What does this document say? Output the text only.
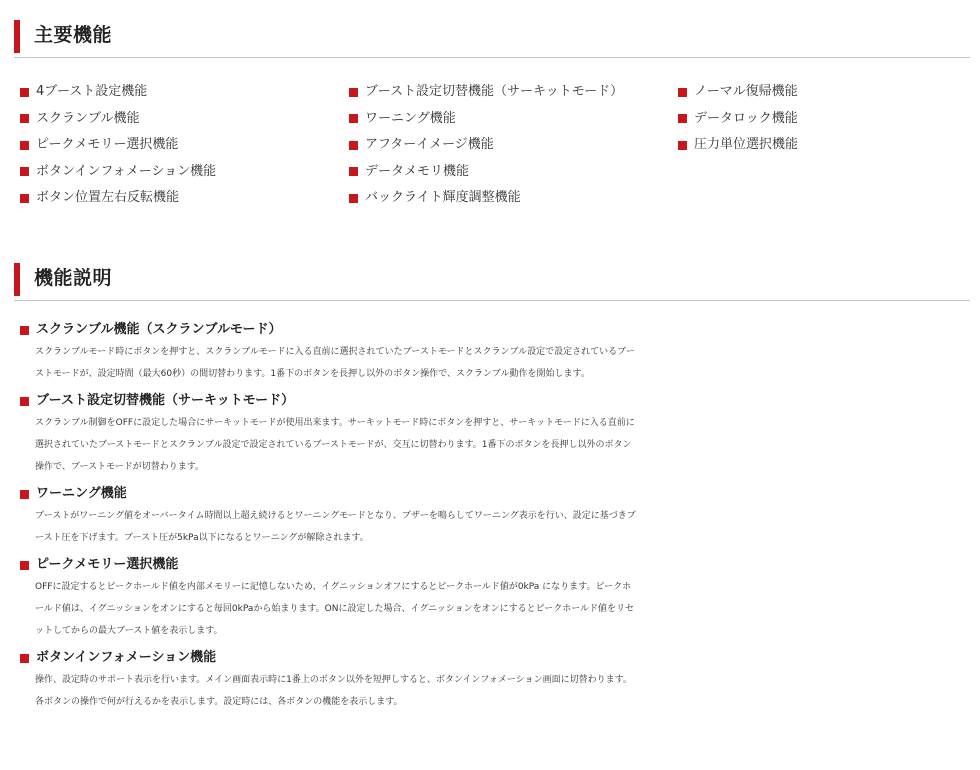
主要機能
4ブースト設定機能
スクランブル機能
ピークメモリー選択機能
ボタンインフォメーション機能
ボタン位置左右反転機能
ブースト設定切替機能（サーキットモード）
ワーニング機能
アフターイメージ機能
データメモリ機能
バックライト輝度調整機能
ノーマル復帰機能
データロック機能
圧力単位選択機能
機能説明
スクランブル機能（スクランブルモード）
スクランブルモード時にボタンを押すと、スクランブルモードに入る直前に選択されていたブーストモードとスクランブル設定で設定されているブー
ストモードが、設定時間（最大60秒）の間切替わります。1番下のボタンを長押し以外のボタン操作で、スクランブル動作を開始します。
ブースト設定切替機能（サーキットモード）
スクランブル制御をOFFに設定した場合にサーキットモードが使用出来ます。サーキットモード時にボタンを押すと、サーキットモードに入る直前に
選択されていたブーストモードとスクランブル設定で設定されているブーストモードが、交互に切替わります。1番下のボタンを長押し以外のボタン
操作で、ブーストモードが切替わります。
ワーニング機能
ブーストがワーニング値をオーバータイム時間以上超え続けるとワーニングモードとなり、ブザーを鳴らしてワーニング表示を行い、設定に基づきブ
ースト圧を下げます。ブースト圧が5kPa以下になるとワーニングが解除されます。
ピークメモリー選択機能
OFFに設定するとピークホールド値を内部メモリーに記憶しないため、イグニッションオフにするとピークホールド値が0kPa になります。ピークホ
ールド値は、イグニッションをオンにすると毎回0kPaから始まります。ONに設定した場合、イグニッションをオンにするとピークホールド値をリセ
ットしてからの最大ブースト値を表示します。
ボタンインフォメーション機能
操作、設定時のサポート表示を行います。メイン画面表示時に1番上のボタン以外を短押しすると、ボタンインフォメーション画面に切替わります。
各ボタンの操作で何が行えるかを表示します。設定時には、各ボタンの機能を表示します。
